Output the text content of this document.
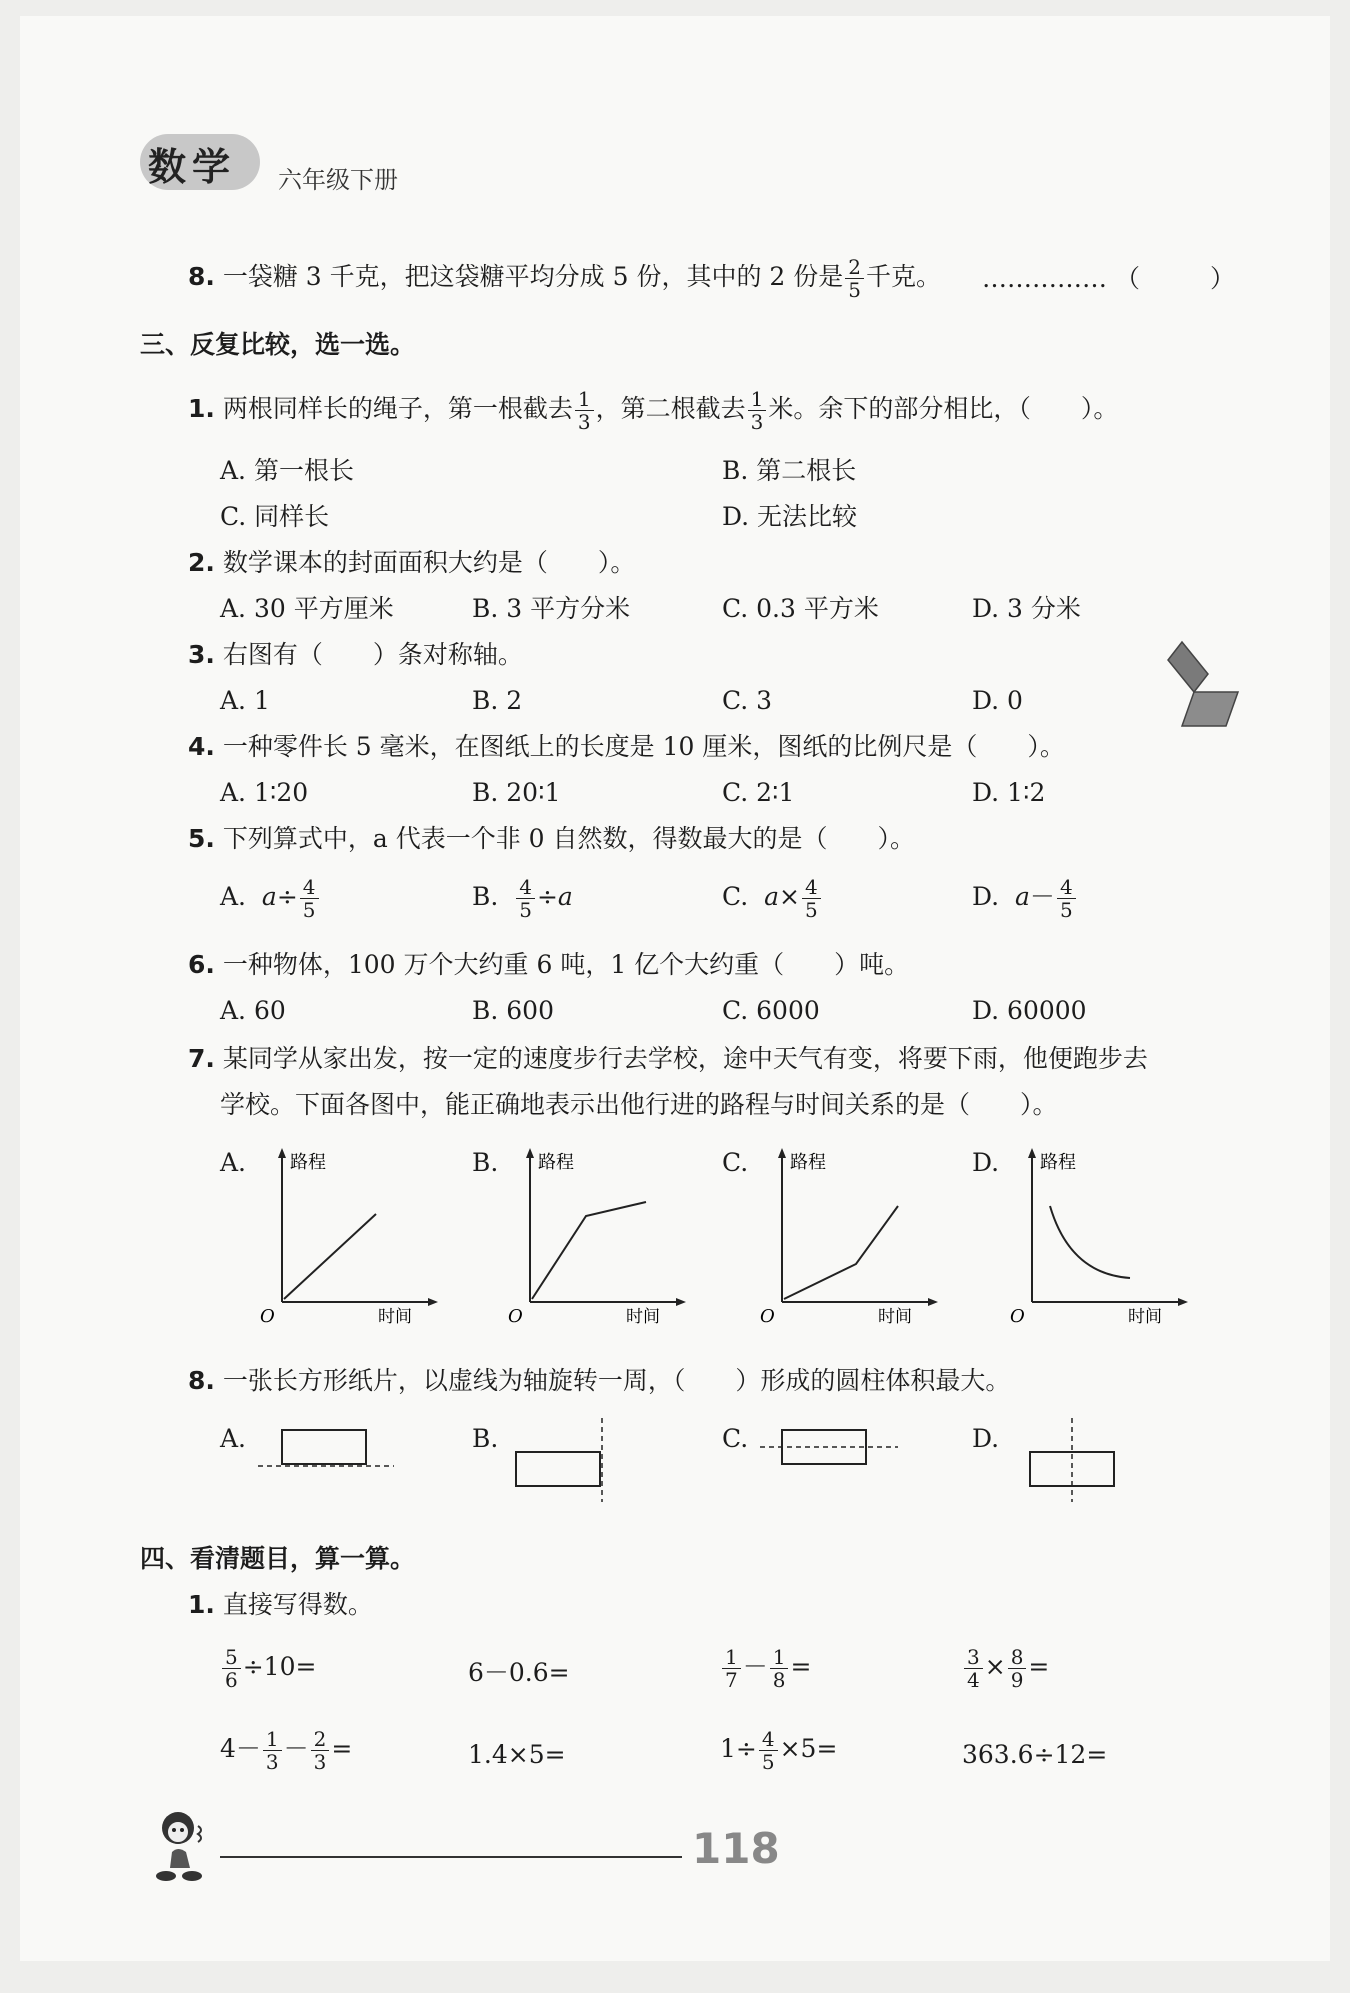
数学 六年级下册
8. 一袋糖 3 千克，把这袋糖平均分成 5 份，其中的 2 份是 $\frac{2}{5}$ 千克。 …………… （	）
三、反复比较，选一选。
1. 两根同样长的绳子，第一根截去 $\frac{1}{3}$ ，第二根截去 $\frac{1}{3}$ 米。余下的部分相比，（　　）。
A. 第一根长	B. 第二根长
C. 同样长	D. 无法比较
2. 数学课本的封面面积大约是（　　）。
A. 30 平方厘米	B. 3 平方分米	C. 0.3 平方米	D. 3 分米
3. 右图有（　　）条对称轴。
A. 1	B. 2	C. 3	D. 0
4. 一种零件长 5 毫米，在图纸上的长度是 10 厘米，图纸的比例尺是（　　）。
A. 1∶20	B. 20∶1	C. 2∶1	D. 1∶2
5. 下列算式中，a 代表一个非 0 自然数，得数最大的是（　　）。
A. $a\div \frac{4}{5}$	B. $\frac{4}{5} \div a$	C. $a\times \frac{4}{5}$	D. $a- \frac{4}{5}$
6. 一种物体，100 万个大约重 6 吨，1 亿个大约重（　　）吨。
A. 60	B. 600	C. 6000	D. 60000
7. 某同学从家出发，按一定的速度步行去学校，途中天气有变，将要下雨，他便跑步去
学校。下面各图中，能正确地表示出他行进的路程与时间关系的是（　　）。
A.	B.	C.	D.
路程
时间
O
路程
时间
O
路程
时间
O
路程
时间
O
8. 一张长方形纸片，以虚线为轴旋转一周，（　　）形成的圆柱体积最大。
A.	B.	C.	D.
四、看清题目，算一算。
1. 直接写得数。
$\frac{5}{6} \div 10=$	6－0.6=	$\frac{1}{7} - \frac{1}{8}$ =	$\frac{3}{4} \times \frac{8}{9}$ =
$4- \frac{1}{3} - \frac{2}{3}$ =	1.4×5=	$1\div \frac{4}{5} \times 5=$	363.6÷12=
118
